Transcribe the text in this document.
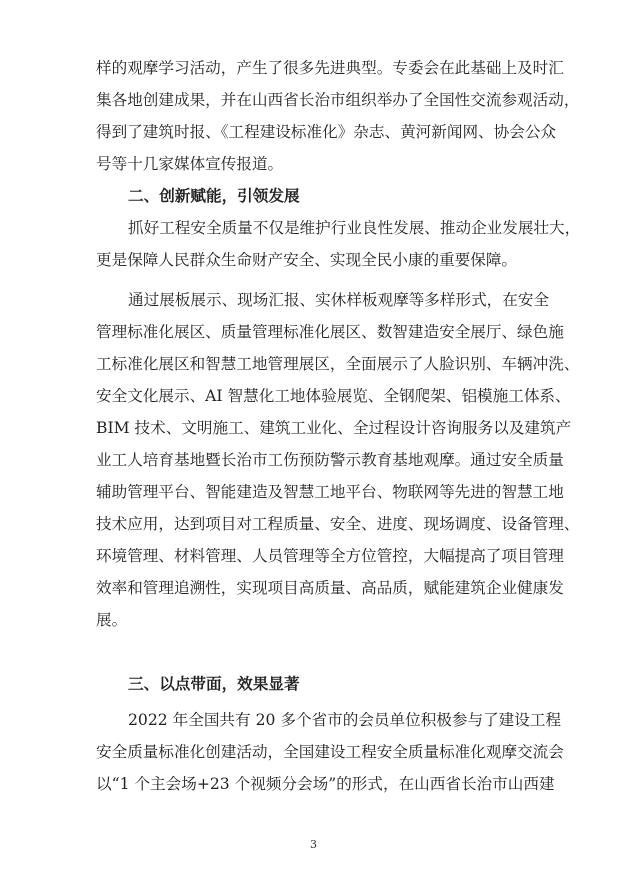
样的观摩学习活动，产生了很多先进典型。专委会在此基础上及时汇
集各地创建成果，并在山西省长治市组织举办了全国性交流参观活动，
得到了建筑时报、《工程建设标准化》杂志、黄河新闻网、协会公众
号等十几家媒体宣传报道。
二、创新赋能，引领发展
抓好工程安全质量不仅是维护行业良性发展、推动企业发展壮大，
更是保障人民群众生命财产安全、实现全民小康的重要保障。
通过展板展示、现场汇报、实休样板观摩等多样形式，在安全
管理标准化展区、质量管理标准化展区、数智建造安全展厅、绿色施
工标准化展区和智慧工地管理展区，全面展示了人脸识别、车辆冲洗、
安全文化展示、AI 智慧化工地体验展览、全钢爬架、铝模施工体系、
BIM 技术、文明施工、建筑工业化、全过程设计咨询服务以及建筑产
业工人培育基地暨长治市工伤预防警示教育基地观摩。通过安全质量
辅助管理平台、智能建造及智慧工地平台、物联网等先进的智慧工地
技术应用，达到项目对工程质量、安全、进度、现场调度、设备管理、
环境管理、材料管理、人员管理等全方位管控，大幅提高了项目管理
效率和管理追溯性，实现项目高质量、高品质，赋能建筑企业健康发
展。
三、以点带面，效果显著
2022 年全国共有 20 多个省市的会员单位积极参与了建设工程
安全质量标准化创建活动，全国建设工程安全质量标准化观摩交流会
以“1 个主会场+23 个视频分会场”的形式，在山西省长治市山西建
3
